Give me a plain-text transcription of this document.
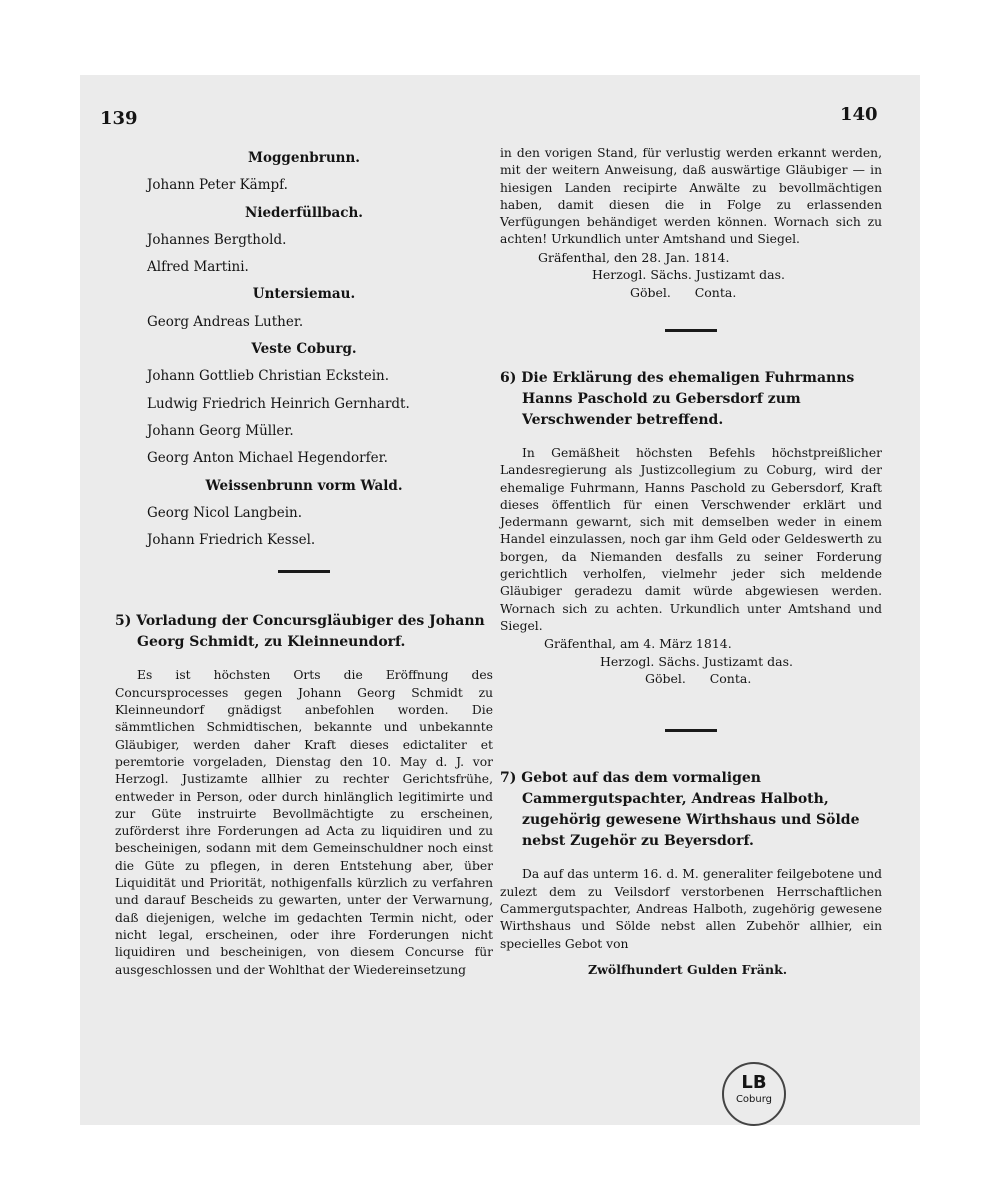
139	140

Moggenbrunn.

Johann Peter Kämpf.

Niederfüllbach.

Johannes Bergthold.

Alfred Martini.

Untersiemau.

Georg Andreas Luther.

Veste Coburg.

Johann Gottlieb Christian Eckstein.

Ludwig Friedrich Heinrich Gernhardt.

Johann Georg Müller.

Georg Anton Michael Hegendorfer.

Weissenbrunn vorm Wald.

Georg Nicol Langbein.

Johann Friedrich Kessel.

5) Vorladung der Concursgläubiger des Johann Georg Schmidt, zu Kleinneundorf.

Es ist höchsten Orts die Eröffnung des Concursprocesses gegen Johann Georg Schmidt zu Kleinneundorf gnädigst anbefohlen worden. Die sämmtlichen Schmidtischen, bekannte und unbekannte Gläubiger, werden daher Kraft dieses edictaliter et peremtorie vorgeladen, Dienstag den 10. May d. J. vor Herzogl. Justizamte allhier zu rechter Gerichtsfrühe, entweder in Person, oder durch hinlänglich legitimirte und zur Güte instruirte Bevollmächtigte zu erscheinen, zuförderst ihre Forderungen ad Acta zu liquidiren und zu bescheinigen, sodann mit dem Gemeinschuldner noch einst die Güte zu pflegen, in deren Entstehung aber, über Liquidität und Priorität, nothigenfalls kürzlich zu verfahren und darauf Bescheids zu gewarten, unter der Verwarnung, daß diejenigen, welche im gedachten Termin nicht, oder nicht legal, erscheinen, oder ihre Forderungen nicht liquidiren und bescheinigen, von diesem Concurse für ausgeschlossen und der Wohlthat der Wiedereinsetzung

in den vorigen Stand, für verlustig werden erkannt werden, mit der weitern Anweisung, daß auswärtige Gläubiger — in hiesigen Landen recipirte Anwälte zu bevollmächtigen haben, damit diesen die in Folge zu erlassenden Verfügungen behändiget werden können. Wornach sich zu achten! Urkundlich unter Amtshand und Siegel.

Gräfenthal, den 28. Jan. 1814.

Herzogl. Sächs. Justizamt das.

Göbel.      Conta.

6) Die Erklärung des ehemaligen Fuhrmanns Hanns Paschold zu Gebersdorf zum Verschwender betreffend.

In Gemäßheit höchsten Befehls höchstpreißlicher Landesregierung als Justizcollegium zu Coburg, wird der ehemalige Fuhrmann, Hanns Paschold zu Gebersdorf, Kraft dieses öffentlich für einen Verschwender erklärt und Jedermann gewarnt, sich mit demselben weder in einem Handel einzulassen, noch gar ihm Geld oder Geldeswerth zu borgen, da Niemanden desfalls zu seiner Forderung gerichtlich verholfen, vielmehr jeder sich meldende Gläubiger geradezu damit würde abgewiesen werden. Wornach sich zu achten. Urkundlich unter Amtshand und Siegel.

Gräfenthal, am 4. März 1814.

Herzogl. Sächs. Justizamt das.

Göbel.      Conta.

7) Gebot auf das dem vormaligen Cammergutspachter, Andreas Halboth, zugehörig gewesene Wirthshaus und Sölde nebst Zugehör zu Beyersdorf.

Da auf das unterm 16. d. M. generaliter feilgebotene und zulezt dem zu Veilsdorf verstorbenen Herrschaftlichen Cammergutspachter, Andreas Halboth, zugehörig gewesene Wirthshaus und Sölde nebst allen Zubehör allhier, ein specielles Gebot von

Zwölfhundert Gulden Fränk.

LB
Coburg
